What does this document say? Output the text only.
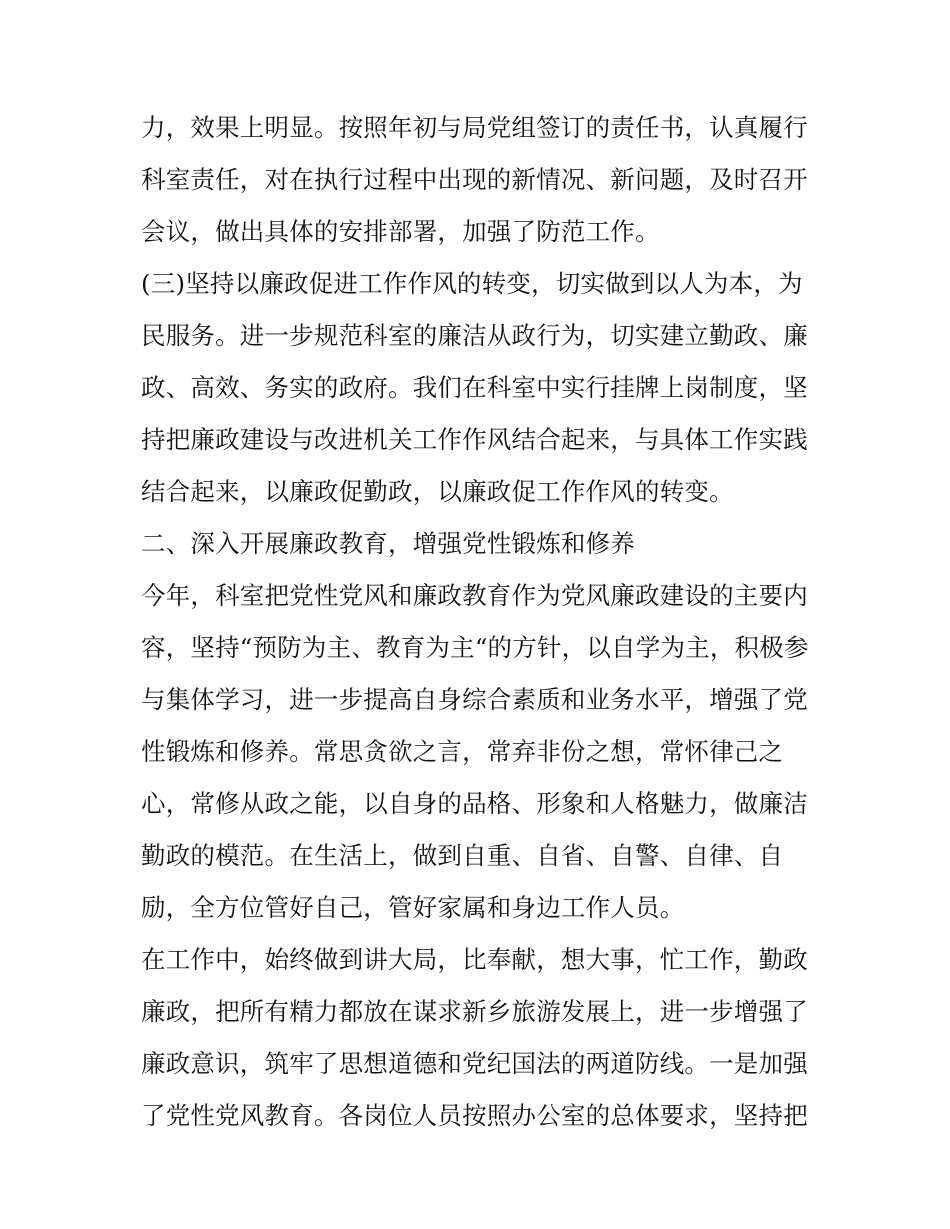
力，效果上明显。按照年初与局党组签订的责任书，认真履行
科室责任，对在执行过程中出现的新情况、新问题，及时召开
会议，做出具体的安排部署，加强了防范工作。
(三)坚持以廉政促进工作作风的转变，切实做到以人为本，为
民服务。进一步规范科室的廉洁从政行为，切实建立勤政、廉
政、高效、务实的政府。我们在科室中实行挂牌上岗制度，坚
持把廉政建设与改进机关工作作风结合起来，与具体工作实践
结合起来，以廉政促勤政，以廉政促工作作风的转变。
二、深入开展廉政教育，增强党性锻炼和修养
今年，科室把党性党风和廉政教育作为党风廉政建设的主要内
容，坚持“预防为主、教育为主“的方针，以自学为主，积极参
与集体学习，进一步提高自身综合素质和业务水平，增强了党
性锻炼和修养。常思贪欲之言，常弃非份之想，常怀律己之
心，常修从政之能，以自身的品格、形象和人格魅力，做廉洁
勤政的模范。在生活上，做到自重、自省、自警、自律、自
励，全方位管好自己，管好家属和身边工作人员。
在工作中，始终做到讲大局，比奉献，想大事，忙工作，勤政
廉政，把所有精力都放在谋求新乡旅游发展上，进一步增强了
廉政意识，筑牢了思想道德和党纪国法的两道防线。一是加强
了党性党风教育。各岗位人员按照办公室的总体要求，坚持把
